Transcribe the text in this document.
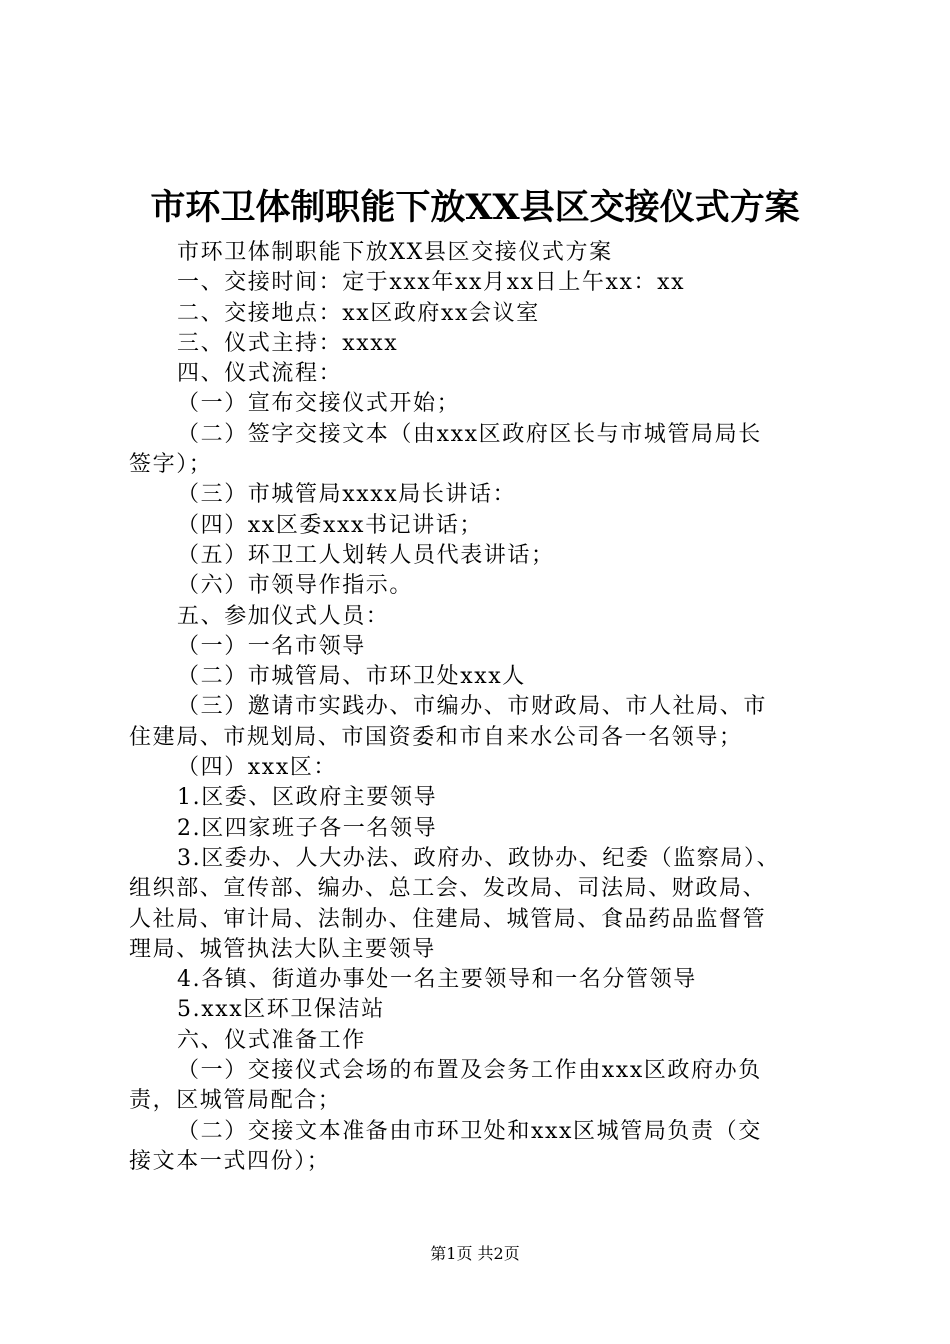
市环卫体制职能下放XX县区交接仪式方案

市环卫体制职能下放XX县区交接仪式方案

一、交接时间：定于xxx年xx月xx日上午xx：xx

二、交接地点：xx区政府xx会议室

三、仪式主持：xxxx

四、仪式流程：

（一）宣布交接仪式开始；

（二）签字交接文本（由xxx区政府区长与市城管局局长

签字）；

（三）市城管局xxxx局长讲话：

（四）xx区委xxx书记讲话；

（五）环卫工人划转人员代表讲话；

（六）市领导作指示。

五、参加仪式人员：

（一）一名市领导

（二）市城管局、市环卫处xxx人

（三）邀请市实践办、市编办、市财政局、市人社局、市

住建局、市规划局、市国资委和市自来水公司各一名领导；

（四）xxx区：

1.区委、区政府主要领导

2.区四家班子各一名领导

3.区委办、人大办法、政府办、政协办、纪委（监察局）、

组织部、宣传部、编办、总工会、发改局、司法局、财政局、

人社局、审计局、法制办、住建局、城管局、食品药品监督管

理局、城管执法大队主要领导

4.各镇、街道办事处一名主要领导和一名分管领导

5.xxx区环卫保洁站

六、仪式准备工作

（一）交接仪式会场的布置及会务工作由xxx区政府办负

责，区城管局配合；

（二）交接文本准备由市环卫处和xxx区城管局负责（交

接文本一式四份）；

第1页 共2页
